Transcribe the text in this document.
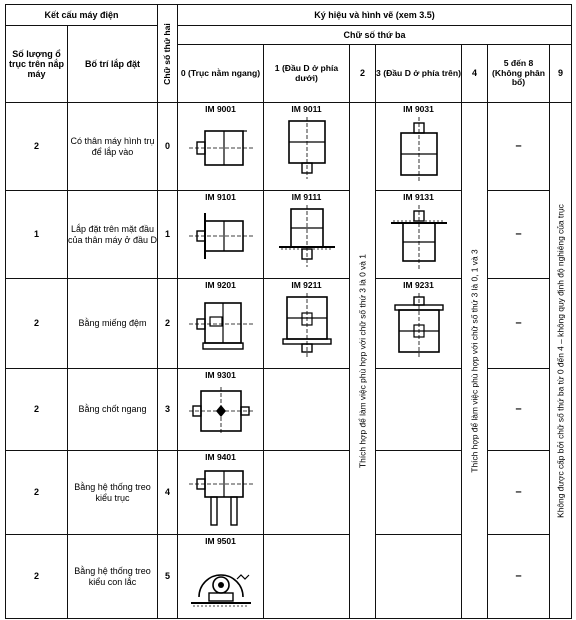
Kết cấu máy điện		Chữ số thứ hai	Ký hiệu và hình vẽ (xem 3.5)						
Số lượng ổ trục trên nắp máy	Bố trí lắp đặt		Chữ số thứ ba						
			0 (Trục nằm ngang)	1 (Đầu D ở phía dưới)	2	3 (Đầu D ở phía trên)	4	5 đến 8 (Không phân bổ)	9
2	Có thân máy hình trụ để lắp vào	0	IM 9001	IM 9011	Thích hợp để làm việc phù hợp với chữ số thứ 3 là 0 và 1	IM 9031	Thích hợp để làm việc phù hợp với chữ số thứ 3 là 0, 1 và 3	–	Không được cấp bởi chữ số thứ ba từ 0 đến 4 – không quy định độ nghiêng của trục

1	Lắp đặt trên mặt đầu của thân máy ở đầu D	1	IM 9101	IM 9111		IM 9131		–	
2	Bằng miếng đệm	2	IM 9201	IM 9211		IM 9231		–	
2	Bằng chốt ngang	3	IM 9301					–	
2	Bằng hệ thống treo kiểu trục	4	IM 9401					–	
2	Bằng hệ thống treo kiểu con lắc	5	IM 9501					–	
